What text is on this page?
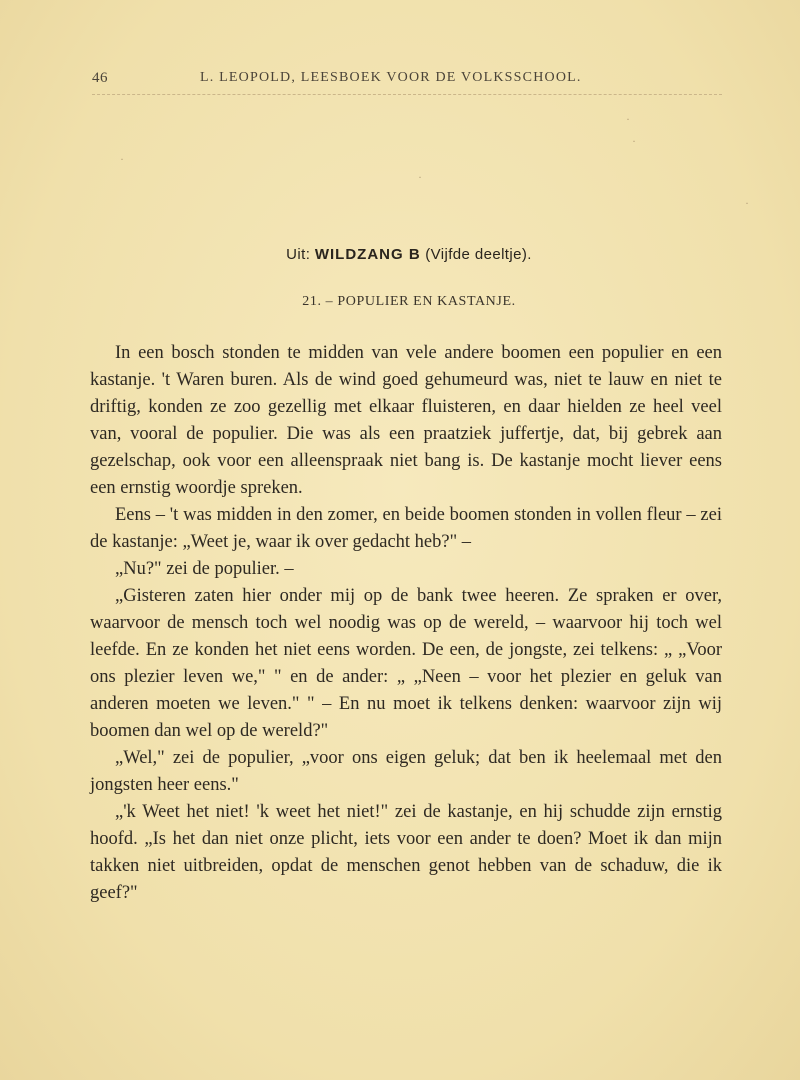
46	L. LEOPOLD, LEESBOEK VOOR DE VOLKSSCHOOL.
·
·
·
·
·
Uit: WILDZANG B (Vijfde deeltje).
21. – POPULIER EN KASTANJE.

In een bosch stonden te midden van vele andere boomen een populier en een kastanje. 't Waren buren. Als de wind goed gehumeurd was, niet te lauw en niet te driftig, konden ze zoo gezellig met elkaar fluisteren, en daar hielden ze heel veel van, vooral de populier. Die was als een praatziek juffertje, dat, bij gebrek aan gezelschap, ook voor een alleenspraak niet bang is. De kastanje mocht liever eens een ernstig woordje spreken.

Eens – 't was midden in den zomer, en beide boomen stonden in vollen fleur – zei de kastanje: „Weet je, waar ik over gedacht heb?" –

„Nu?" zei de populier. –

„Gisteren zaten hier onder mij op de bank twee heeren. Ze spraken er over, waarvoor de mensch toch wel noodig was op de wereld, – waarvoor hij toch wel leefde. En ze konden het niet eens worden. De een, de jongste, zei telkens: „ „Voor ons plezier leven we," " en de ander: „ „Neen – voor het plezier en geluk van anderen moeten we leven." " – En nu moet ik telkens denken: waarvoor zijn wij boomen dan wel op de wereld?"

„Wel," zei de populier, „voor ons eigen geluk; dat ben ik heelemaal met den jongsten heer eens."

„'k Weet het niet! 'k weet het niet!" zei de kastanje, en hij schudde zijn ernstig hoofd. „Is het dan niet onze plicht, iets voor een ander te doen? Moet ik dan mijn takken niet uitbreiden, opdat de menschen genot hebben van de schaduw, die ik geef?"
